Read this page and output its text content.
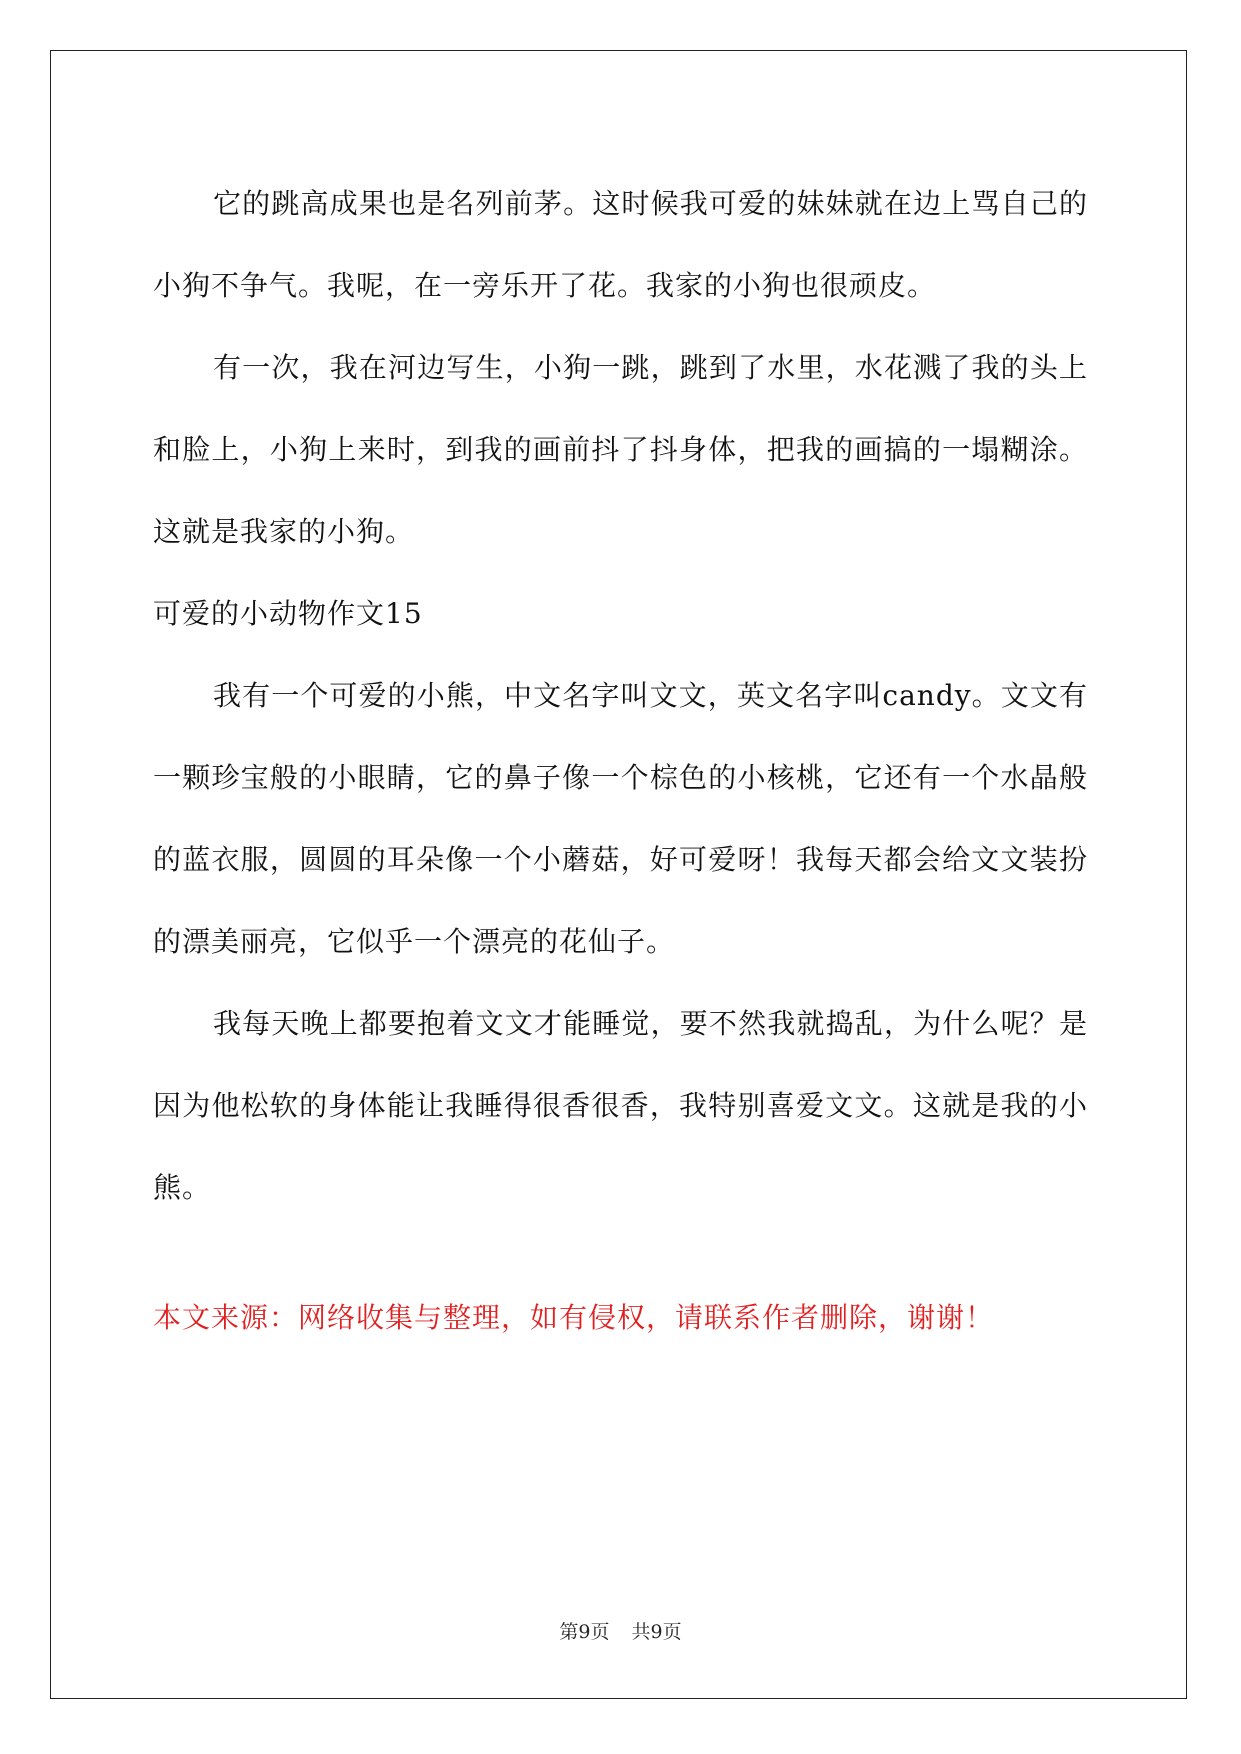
它的跳高成果也是名列前茅。这时候我可爱的妹妹就在边上骂自己的小狗不争气。我呢，在一旁乐开了花。我家的小狗也很顽皮。

有一次，我在河边写生，小狗一跳，跳到了水里，水花溅了我的头上和脸上，小狗上来时，到我的画前抖了抖身体，把我的画搞的一塌糊涂。这就是我家的小狗。

可爱的小动物作文15

我有一个可爱的小熊，中文名字叫文文，英文名字叫candy。文文有一颗珍宝般的小眼睛，它的鼻子像一个棕色的小核桃，它还有一个水晶般的蓝衣服，圆圆的耳朵像一个小蘑菇，好可爱呀！我每天都会给文文装扮的漂美丽亮，它似乎一个漂亮的花仙子。

我每天晚上都要抱着文文才能睡觉，要不然我就捣乱，为什么呢？是因为他松软的身体能让我睡得很香很香，我特别喜爱文文。这就是我的小熊。

本文来源：网络收集与整理，如有侵权，请联系作者删除，谢谢！
第9页 共9页
